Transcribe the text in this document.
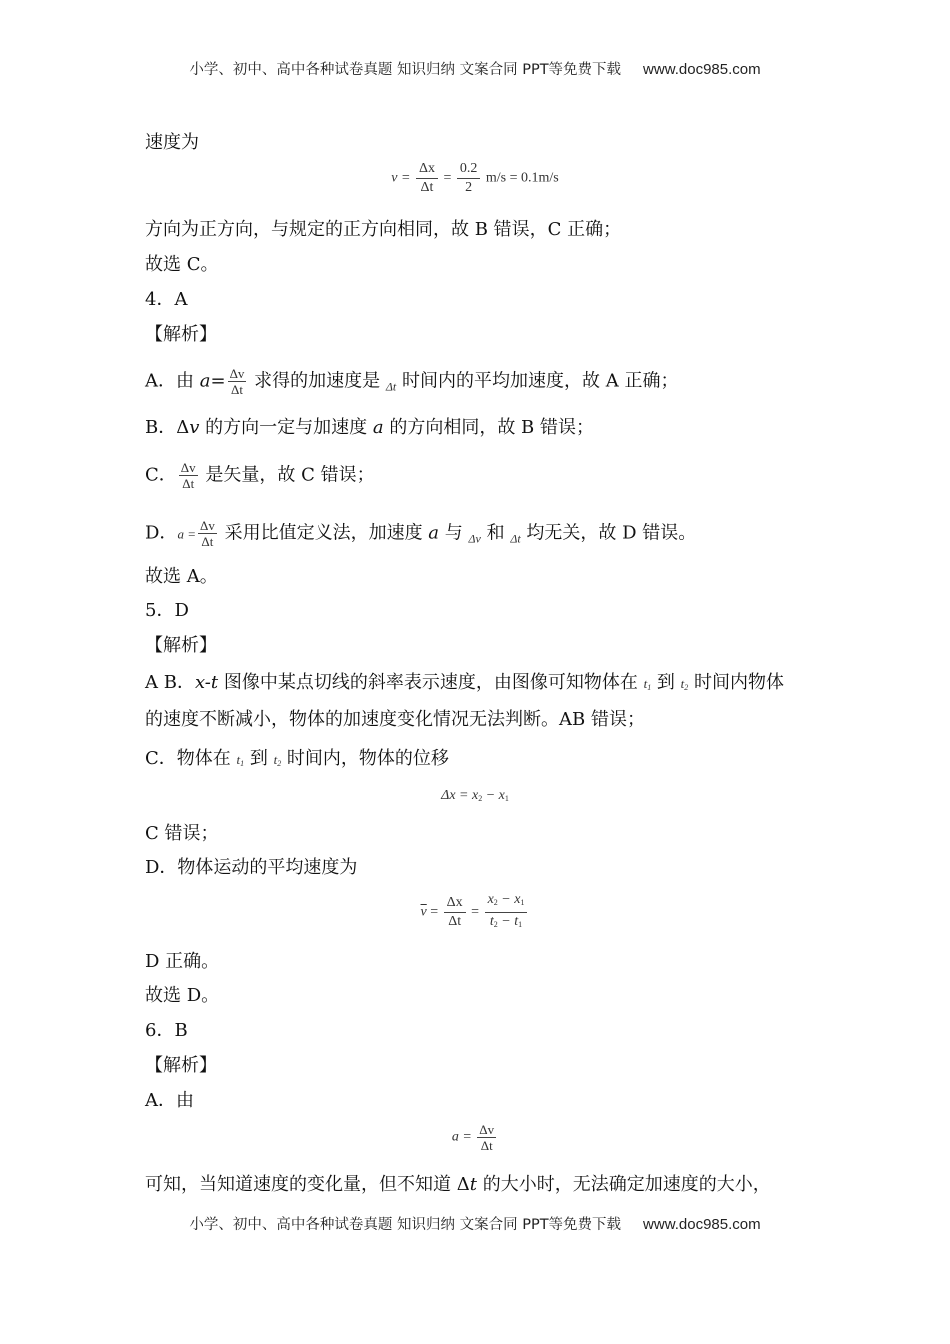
小学、初中、高中各种试卷真题 知识归纳 文案合同 PPT等免费下载 www.doc985.com
速度为
$v = \frac{\Delta x}{\Delta t} = \frac{0.2}{2} m/s = 0.1m/s$
方向为正方向，与规定的正方向相同，故 B 错误，C 正确；
故选 C。
4．A
【解析】
A．由 $a= \frac{\Delta v}{\Delta t}$ 求得的加速度是 $_{\Delta t}$ 时间内的平均加速度，故 A 正确；
B．Δv 的方向一定与加速度 a 的方向相同，故 B 错误；
C． $\frac{\Delta v}{\Delta t}$ 是矢量，故 C 错误；
D．$a = \frac{\Delta v}{\Delta t}$ 采用比值定义法，加速度 a 与 $_{\Delta v}$ 和 $_{\Delta t}$ 均无关，故 D 错误。
故选 A。
5．D
【解析】
A B．x-t 图像中某点切线的斜率表示速度，由图像可知物体在 t1 到 t2 时间内物体
的速度不断减小，物体的加速度变化情况无法判断。AB 错误；
C．物体在 t1 到 t2 时间内，物体的位移
Δx = x2 − x1
C 错误；
D．物体运动的平均速度为
$\overline{v} = \frac{\Delta x}{\Delta t} = \frac{x2 - x1}{t2 - t1}$
D 正确。
故选 D。
6．B
【解析】
A．由
$a = \frac{\Delta v}{\Delta t}$
可知，当知道速度的变化量，但不知道 Δt 的大小时，无法确定加速度的大小，
小学、初中、高中各种试卷真题 知识归纳 文案合同 PPT等免费下载 www.doc985.com
